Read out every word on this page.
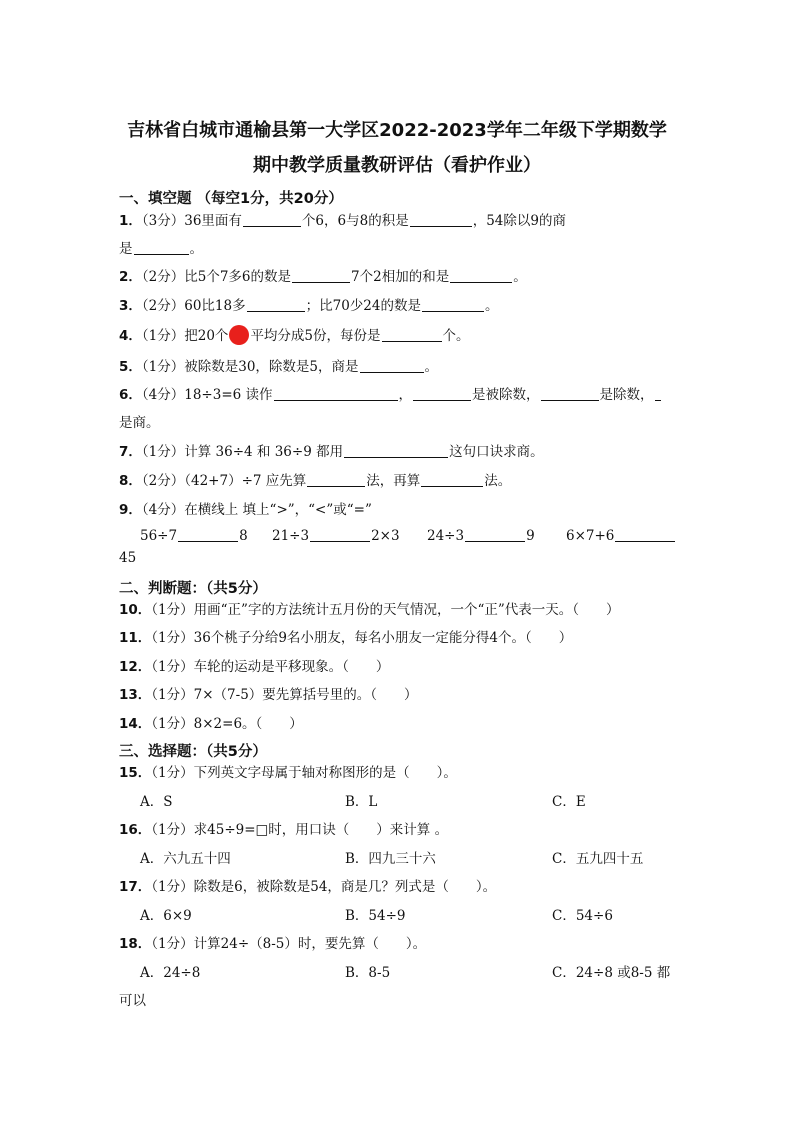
吉林省白城市通榆县第一大学区2022-2023学年二年级下学期数学
期中教学质量教研评估（看护作业）
一、填空题 （每空1分，共20分）
1．（3分）36里面有	个6，6与8的积是	，54除以9的商
是	。
2．（2分）比5个7多6的数是	7个2相加的和是	。
3．（2分）60比18多	；比70少24的数是	。
4．（1分）把20个 平均分成5份，每份是	个。
5．（1分）被除数是30，除数是5，商是	。
6．（4分）18÷3=6 读作	，	是被除数，	是除数，
是商。
7．（1分）计算 36÷4 和 36÷9 都用	这句口诀求商。
8．（2分）（42+7）÷7 应先算	法，再算	法。
9．（4分）在横线上 填上“>”，“<”或“=”
56÷7	8 21÷3	2×3 24÷3	9 6×7+6
45
二、判断题：（共5分）
10．（1分）用画“正”字的方法统计五月份的天气情况，一个“正”代表一天。（　　）
11．（1分）36个桃子分给9名小朋友，每名小朋友一定能分得4个。（　　）
12．（1分）车轮的运动是平移现象。（　　）
13．（1分）7×（7-5）要先算括号里的。（　　）
14．（1分）8×2=6。（　　）
三、选择题：（共5分）
15．（1分）下列英文字母属于轴对称图形的是（　　）。
A．S	B．L	C．E
16．（1分）求45÷9=□时，用口诀（　　）来计算 。
A．六九五十四	B．四九三十六	C．五九四十五
17．（1分）除数是6，被除数是54，商是几？列式是（　　）。
A．6×9	B．54÷9	C．54÷6
18．（1分）计算24÷（8-5）时，要先算（　　）。
A．24÷8	B．8-5	C．24÷8 或8-5 都
可以
